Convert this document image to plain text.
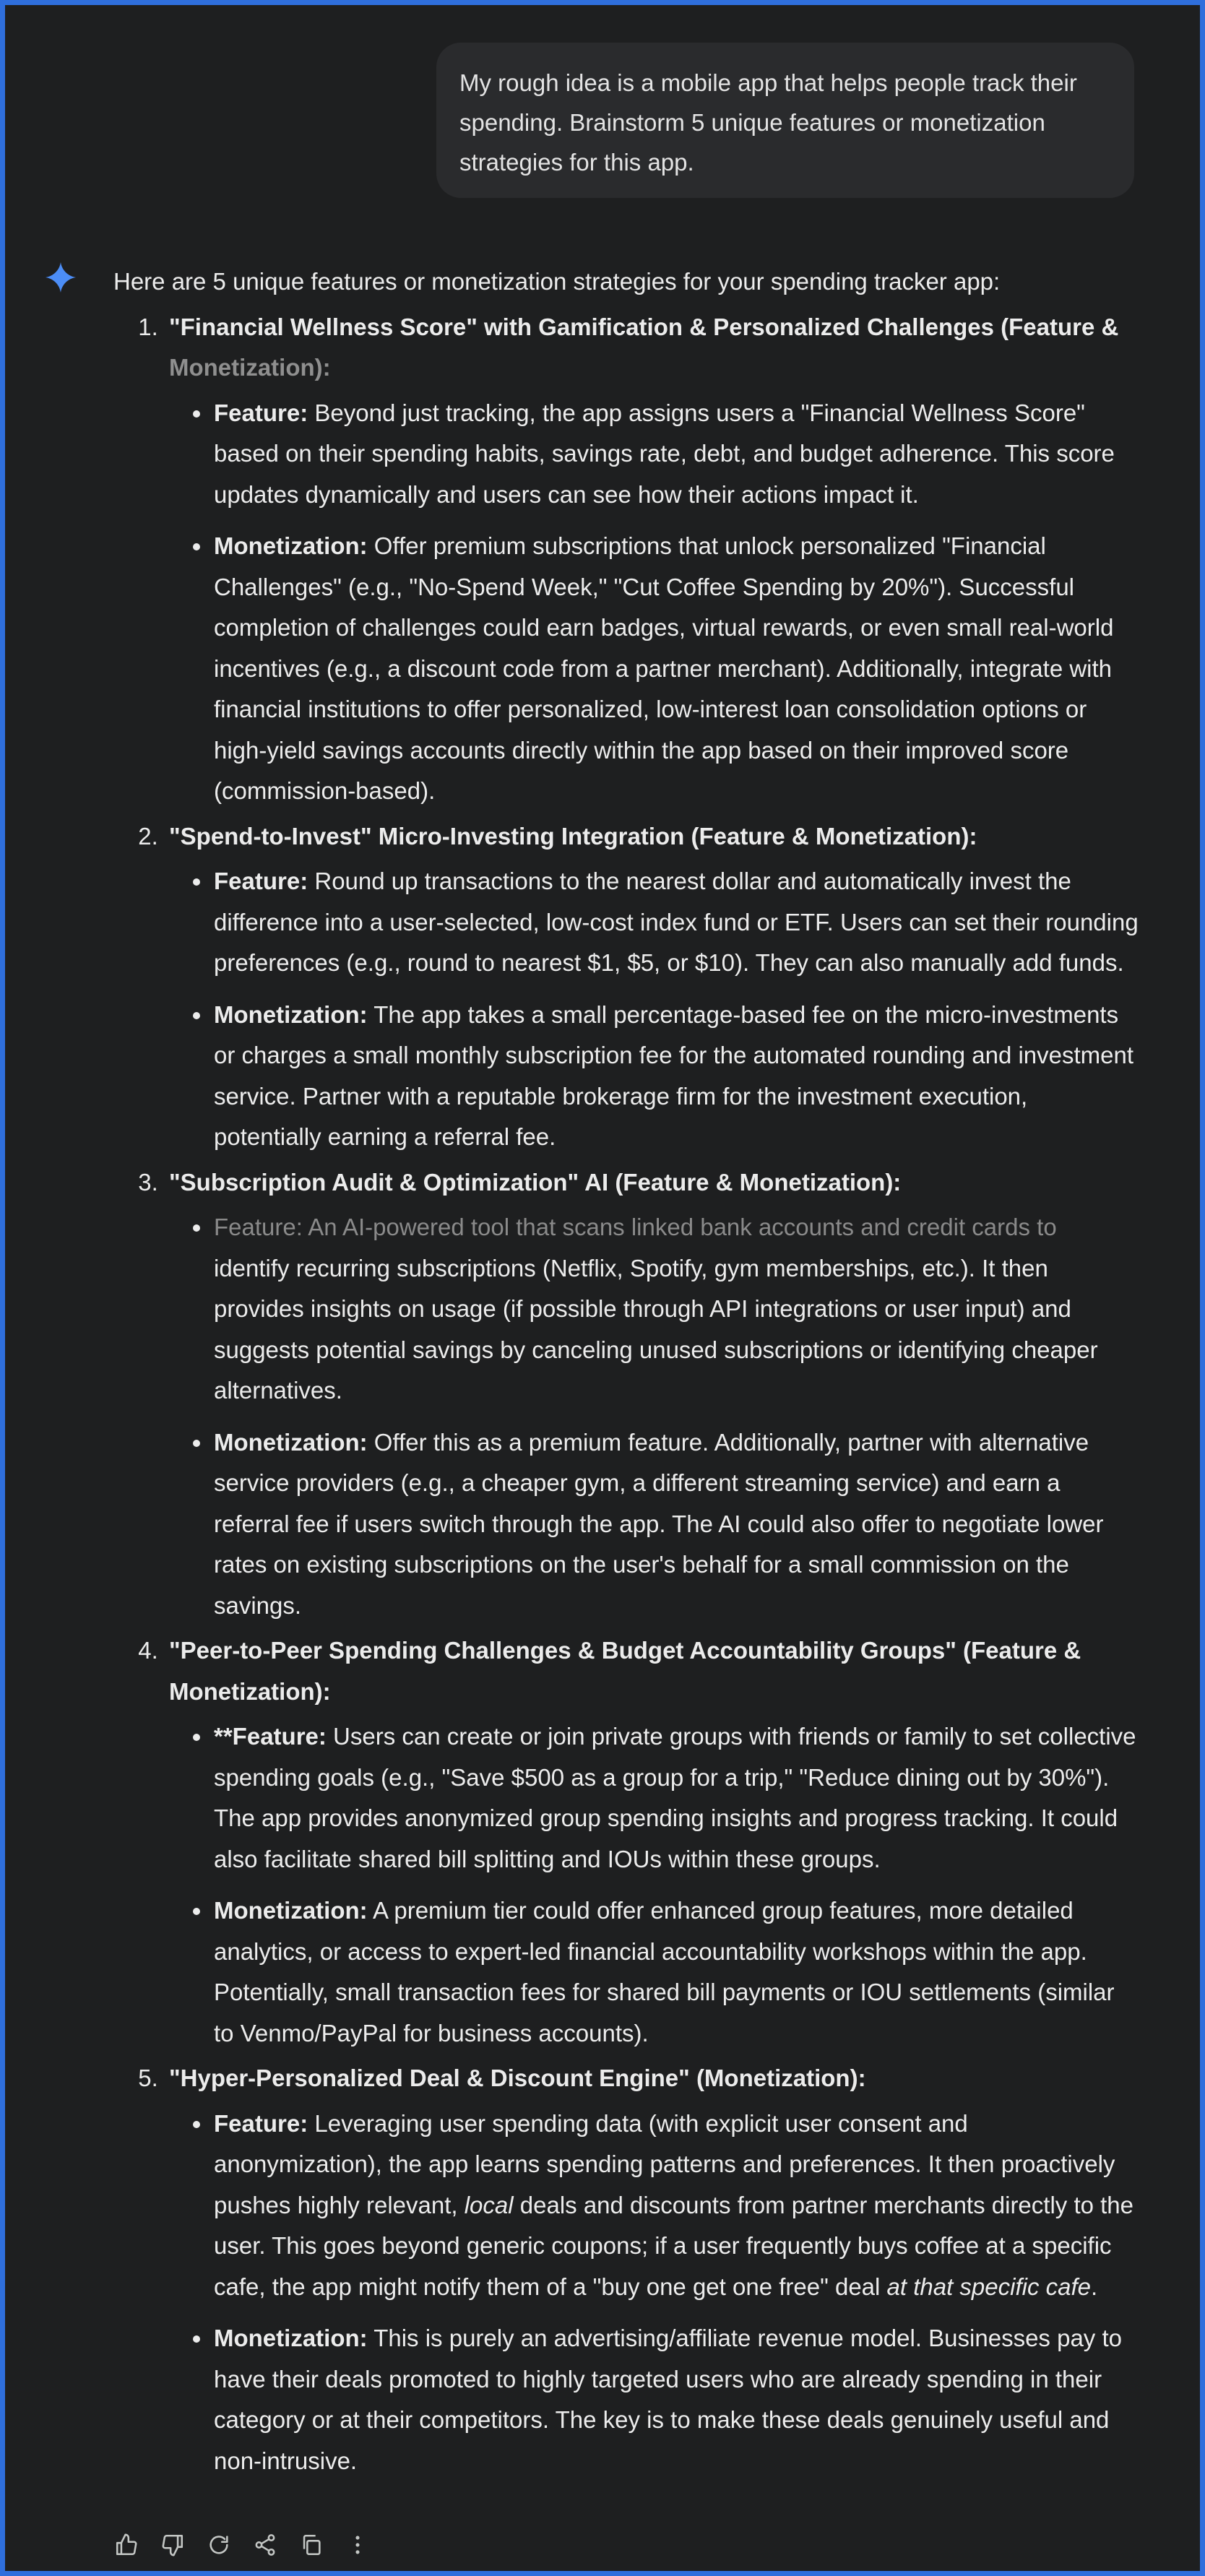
My rough idea is a mobile app that helps people track their spending. Brainstorm 5 unique features or monetization strategies for this app.

Here are 5 unique features or monetization strategies for your spending tracker app:

1. "Financial Wellness Score" with Gamification & Personalized Challenges (Feature & Monetization):
• Feature: Beyond just tracking, the app assigns users a "Financial Wellness Score" based on their spending habits, savings rate, debt, and budget adherence. This score updates dynamically and users can see how their actions impact it.
• Monetization: Offer premium subscriptions that unlock personalized "Financial Challenges" (e.g., "No-Spend Week," "Cut Coffee Spending by 20%"). Successful completion of challenges could earn badges, virtual rewards, or even small real-world incentives (e.g., a discount code from a partner merchant). Additionally, integrate with financial institutions to offer personalized, low-interest loan consolidation options or high-yield savings accounts directly within the app based on their improved score (commission-based).
2. "Spend-to-Invest" Micro-Investing Integration (Feature & Monetization):
• Feature: Round up transactions to the nearest dollar and automatically invest the difference into a user-selected, low-cost index fund or ETF. Users can set their rounding preferences (e.g., round to nearest $1, $5, or $10). They can also manually add funds.
• Monetization: The app takes a small percentage-based fee on the micro-investments or charges a small monthly subscription fee for the automated rounding and investment service. Partner with a reputable brokerage firm for the investment execution, potentially earning a referral fee.
3. "Subscription Audit & Optimization" AI (Feature & Monetization):
• Feature: An AI-powered tool that scans linked bank accounts and credit cards to
identify recurring subscriptions (Netflix, Spotify, gym memberships, etc.). It then provides insights on usage (if possible through API integrations or user input) and suggests potential savings by canceling unused subscriptions or identifying cheaper alternatives.
• Monetization: Offer this as a premium feature. Additionally, partner with alternative service providers (e.g., a cheaper gym, a different streaming service) and earn a referral fee if users switch through the app. The AI could also offer to negotiate lower rates on existing subscriptions on the user's behalf for a small commission on the savings.
4. "Peer-to-Peer Spending Challenges & Budget Accountability Groups" (Feature & Monetization):
• **Feature: Users can create or join private groups with friends or family to set collective spending goals (e.g., "Save $500 as a group for a trip," "Reduce dining out by 30%"). The app provides anonymized group spending insights and progress tracking. It could also facilitate shared bill splitting and IOUs within these groups.
• Monetization: A premium tier could offer enhanced group features, more detailed analytics, or access to expert-led financial accountability workshops within the app. Potentially, small transaction fees for shared bill payments or IOU settlements (similar to Venmo/PayPal for business accounts).
5. "Hyper-Personalized Deal & Discount Engine" (Monetization):
• Feature: Leveraging user spending data (with explicit user consent and anonymization), the app learns spending patterns and preferences. It then proactively pushes highly relevant, local deals and discounts from partner merchants directly to the user. This goes beyond generic coupons; if a user frequently buys coffee at a specific cafe, the app might notify them of a "buy one get one free" deal at that specific cafe.
• Monetization: This is purely an advertising/affiliate revenue model. Businesses pay to have their deals promoted to highly targeted users who are already spending in their category or at their competitors. The key is to make these deals genuinely useful and non-intrusive.
